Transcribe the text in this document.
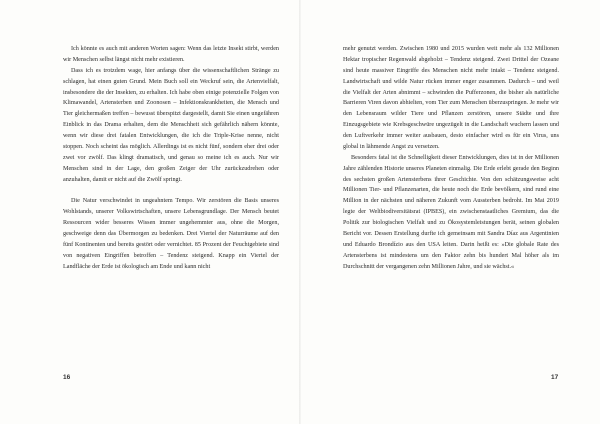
Ich könnte es auch mit anderen Worten sagen: Wenn das letzte Insekt stirbt, werden wir Menschen selbst längst nicht mehr existieren.

Dass ich es trotzdem wage, hier anfangs über die wissenschaftlichen Stränge zu schlagen, hat einen guten Grund. Mein Buch soll ein Weckruf sein, die Artenvielfalt, insbesondere die der Insekten, zu erhalten. Ich habe oben einige potenzielle Folgen von Klimawandel, Artensterben und Zoonosen – Infektionskrankheiten, die Mensch und Tier gleichermaßen treffen – bewusst überspitzt dargestellt, damit Sie einen ungefähren Einblick in das Drama erhalten, dem die Menschheit sich gefährlich nähern könnte, wenn wir diese drei fatalen Entwicklungen, die ich die Triple-Krise nenne, nicht stoppen. Noch scheint das möglich. Allerdings ist es nicht fünf, sondern eher drei oder zwei vor zwölf. Das klingt dramatisch, und genau so meine ich es auch. Nur wir Menschen sind in der Lage, den großen Zeiger der Uhr zurückzudrehen oder anzuhalten, damit er nicht auf die Zwölf springt.

Die Natur verschwindet in ungeahntem Tempo. Wir zerstören die Basis unseres Wohlstands, unserer Volkswirtschaften, unsere Lebensgrundlage. Der Mensch beutet Ressourcen wider besseres Wissen immer ungehemmter aus, ohne die Morgen, geschweige denn das Übermorgen zu bedenken. Drei Viertel der Naturräume auf den fünf Kontinenten und bereits gestört oder vernichtet. 85 Prozent der Feuchtgebiete sind von negativen Eingriffen betroffen – Tendenz steigend. Knapp ein Viertel der Landfläche der Erde ist ökologisch am Ende und kann nicht

16

mehr genutzt werden. Zwischen 1980 und 2015 wurden weit mehr als 132 Millionen Hektar tropischer Regenwald abgeholzt – Tendenz steigend. Zwei Drittel der Ozeane sind heute massiver Eingriffe des Menschen nicht mehr intakt – Tendenz steigend. Landwirtschaft und wilde Natur rücken immer enger zusammen. Dadurch – und weil die Vielfalt der Arten abnimmt – schwinden die Pufferzonen, die bisher als natürliche Barrieren Viren davon abhielten, vom Tier zum Menschen überzuspringen. Je mehr wir den Lebensraum wilder Tiere und Pflanzen zerstören, unsere Städte und ihre Einzugsgebiete wie Krebsgeschwüre ungezügelt in die Landschaft wuchern lassen und den Luftverkehr immer weiter ausbauen, desto einfacher wird es für ein Virus, uns global in lähmende Angst zu versetzen.

Besonders fatal ist die Schnelligkeit dieser Entwicklungen, dies ist in der Millionen Jahre zählenden Historie unseres Planeten einmalig. Die Erde erlebt gerade den Beginn des sechsten großen Artensterbens ihrer Geschichte. Von den schätzungsweise acht Millionen Tier- und Pflanzenarten, die heute noch die Erde bevölkern, sind rund eine Million in der nächsten und näheren Zukunft vom Aussterben bedroht. Im Mai 2019 legte der Weltbiodiversitätsrat (IPBES), ein zwischenstaatliches Gremium, das die Politik zur biologischen Vielfalt und zu Ökosystemleistungen berät, seinen globalen Bericht vor. Dessen Erstellung durfte ich gemeinsam mit Sandra Díaz aus Argentinien und Eduardo Brondízio aus den USA leiten. Darin heißt es: »Die globale Rate des Artensterbens ist mindestens um den Faktor zehn bis hundert Mal höher als im Durchschnitt der vergangenen zehn Millionen Jahre, und sie wächst.«

17
